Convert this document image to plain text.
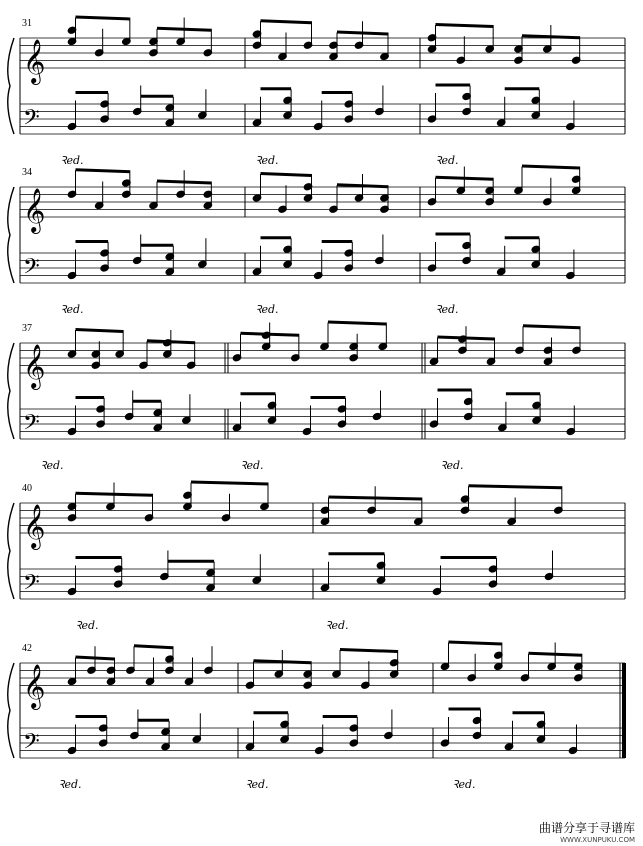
𝄞
𝄢
31
Ꝛed.	Ꝛed.	Ꝛed.
𝄞
𝄢
34
Ꝛed.	Ꝛed.	Ꝛed.
𝄞
𝄢
37
Ꝛed.	Ꝛed.	Ꝛed.
𝄞
𝄢
40
Ꝛed.	Ꝛed.
𝄞
𝄢
42
Ꝛed.	Ꝛed.	Ꝛed.
曲谱分享于寻谱库
WWW.XUNPUKU.COM
